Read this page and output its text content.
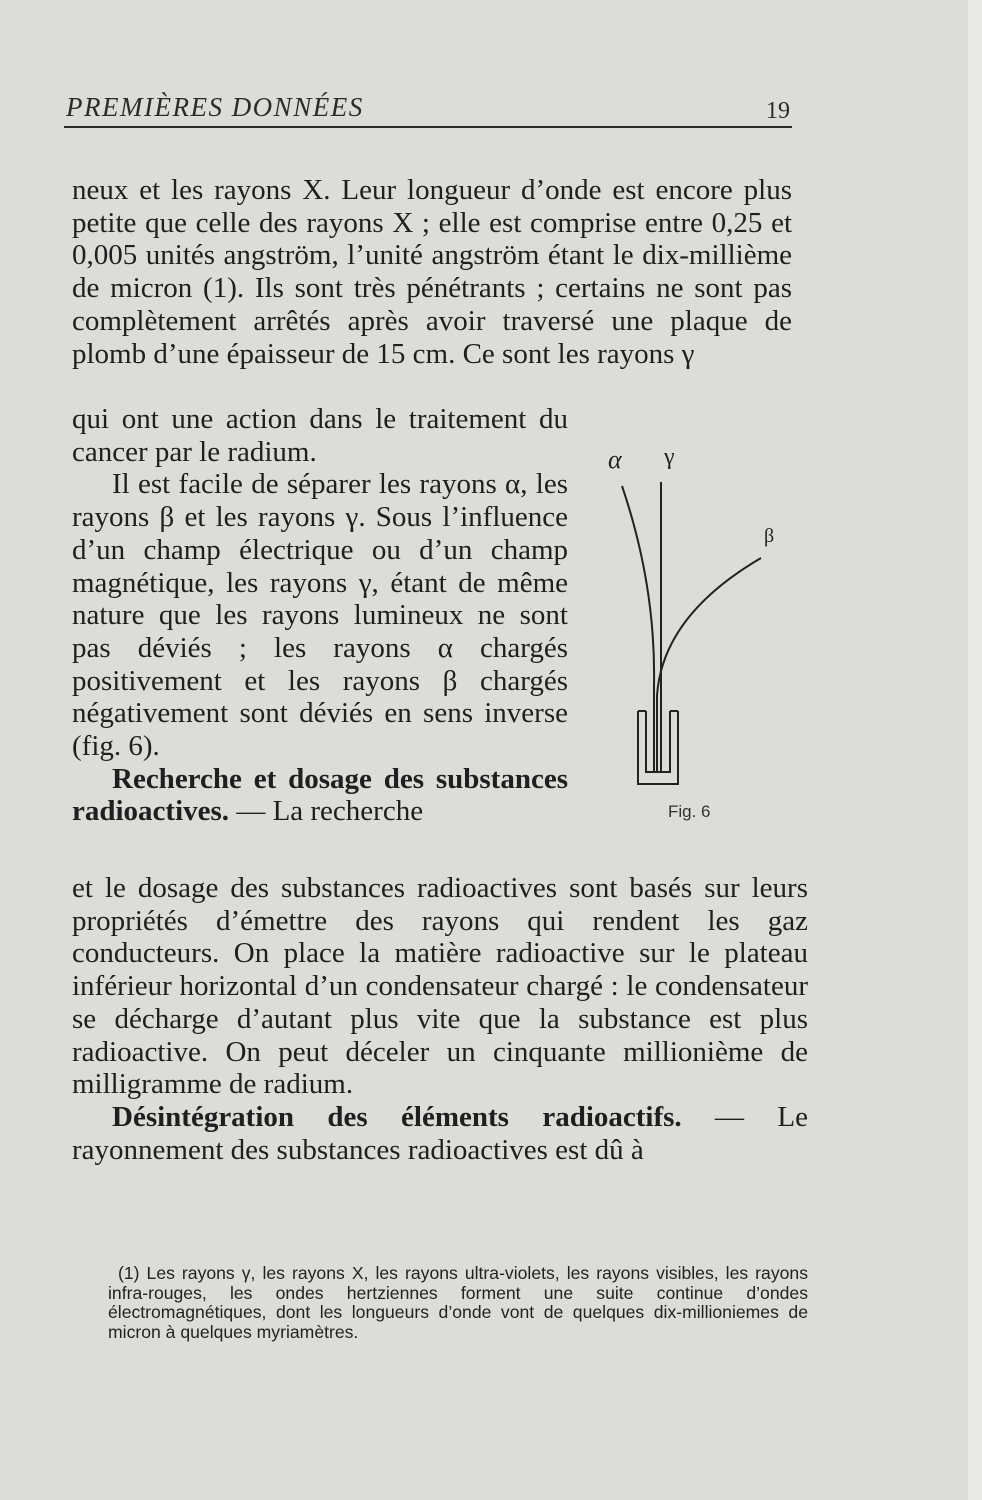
PREMIÈRES DONNÉES	19

neux et les rayons X. Leur longueur d’onde est encore plus petite que celle des rayons X ; elle est comprise entre 0,25 et 0,005 unités angström, l’unité angström étant le dix-millième de micron (1). Ils sont très pénétrants ; certains ne sont pas complètement arrêtés après avoir traversé une plaque de plomb d’une épaisseur de 15 cm. Ce sont les rayons γ

qui ont une action dans le traitement du cancer par le radium.

Il est facile de séparer les rayons α, les rayons β et les rayons γ. Sous l’influence d’un champ électrique ou d’un champ magnétique, les rayons γ, étant de même nature que les rayons lumineux ne sont pas déviés ; les rayons α chargés positivement et les rayons β chargés négativement sont déviés en sens inverse (fig. 6).

Recherche et dosage des substances radioactives. — La recherche

α γ
β
Fig. 6

et le dosage des substances radioactives sont basés sur leurs propriétés d’émettre des rayons qui rendent les gaz conducteurs. On place la matière radioactive sur le plateau inférieur horizontal d’un condensateur chargé : le condensateur se décharge d’autant plus vite que la substance est plus radioactive. On peut déceler un cinquante millionième de milligramme de radium.

Désintégration des éléments radioactifs. — Le rayonnement des substances radioactives est dû à

(1) Les rayons γ, les rayons X, les rayons ultra-violets, les rayons visibles, les rayons infra-rouges, les ondes hertziennes forment une suite continue d’ondes électromagnétiques, dont les longueurs d’onde vont de quelques dix-millioniemes de micron à quelques myriamètres.
